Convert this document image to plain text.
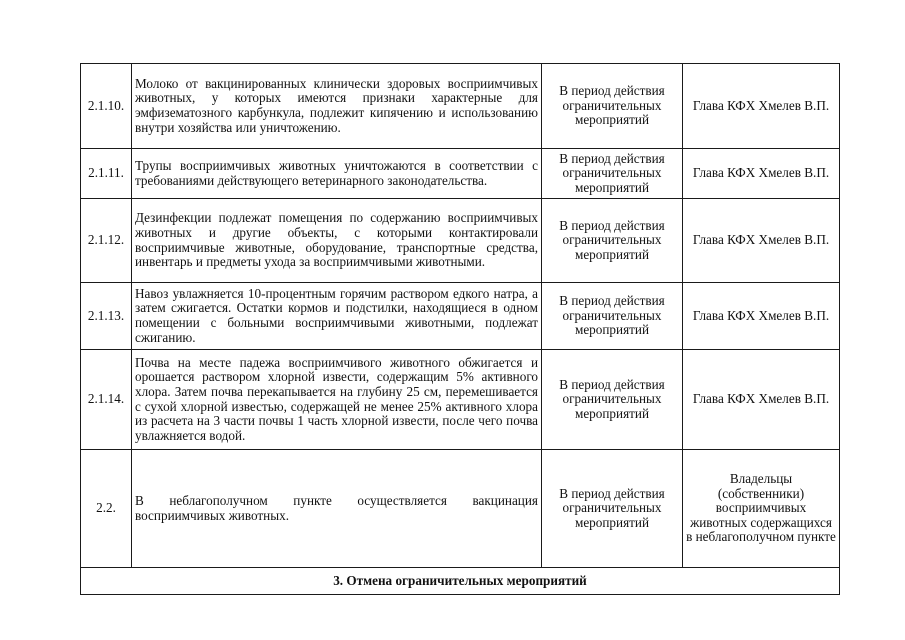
2.1.10.	Молоко от вакцинированных клинически здоровых восприимчивых животных, у которых имеются признаки характерные для эмфизематозного карбункула, подлежит кипячению и использованию внутри хозяйства или уничтожению.	В период действия ограничительных мероприятий	Глава КФХ Хмелев В.П.
2.1.11.	Трупы восприимчивых животных уничтожаются в соответствии с требованиями действующего ветеринарного законодательства.	В период действия ограничительных мероприятий	Глава КФХ Хмелев В.П.
2.1.12.	Дезинфекции подлежат помещения по содержанию восприимчивых животных и другие объекты, с которыми контактировали восприимчивые животные, оборудование, транспортные средства, инвентарь и предметы ухода за восприимчивыми животными.	В период действия ограничительных мероприятий	Глава КФХ Хмелев В.П.
2.1.13.	Навоз увлажняется 10-процентным горячим раствором едкого натра, а затем сжигается. Остатки кормов и подстилки, находящиеся в одном помещении с больными восприимчивыми животными, подлежат сжиганию.	В период действия ограничительных мероприятий	Глава КФХ Хмелев В.П.
2.1.14.	Почва на месте падежа восприимчивого животного обжигается и орошается раствором хлорной извести, содержащим 5% активного хлора. Затем почва перекапывается на глубину 25 см, перемешивается с сухой хлорной известью, содержащей не менее 25% активного хлора из расчета на 3 части почвы 1 часть хлорной извести, после чего почва увлажняется водой.	В период действия ограничительных мероприятий	Глава КФХ Хмелев В.П.
2.2.	В неблагополучном пункте осуществляется вакцинация восприимчивых животных.	В период действия ограничительных мероприятий	Владельцы (собственники) восприимчивых животных содержащихся в неблагополучном пункте
3. Отмена ограничительных мероприятий			
